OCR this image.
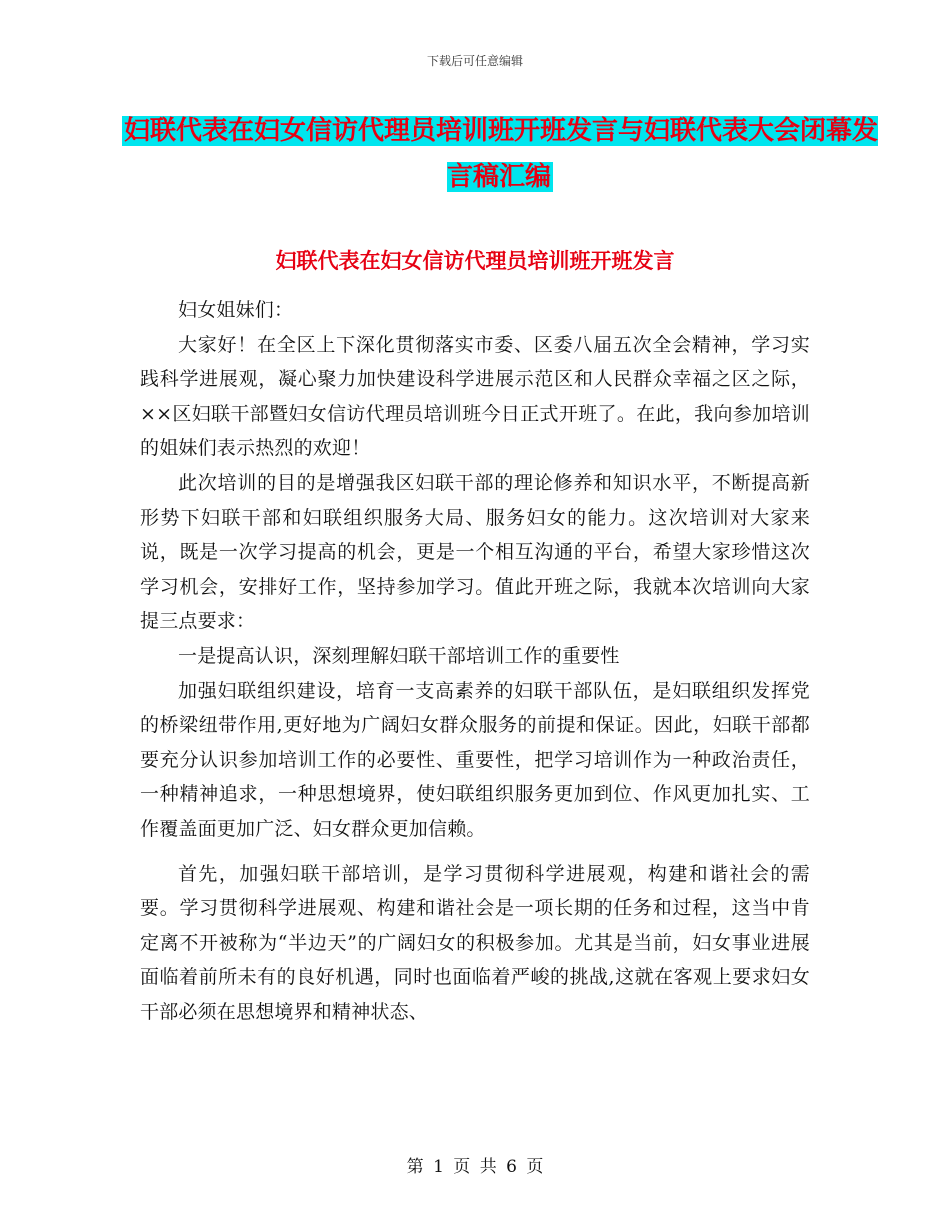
下载后可任意编辑
妇联代表在妇女信访代理员培训班开班发言与妇联代表大会闭幕发言稿汇编
妇联代表在妇女信访代理员培训班开班发言

妇女姐妹们：

大家好！在全区上下深化贯彻落实市委、区委八届五次全会精神，学习实践科学进展观，凝心聚力加快建设科学进展示范区和人民群众幸福之区之际，××区妇联干部暨妇女信访代理员培训班今日正式开班了。在此，我向参加培训的姐妹们表示热烈的欢迎！

此次培训的目的是增强我区妇联干部的理论修养和知识水平，不断提高新形势下妇联干部和妇联组织服务大局、服务妇女的能力。这次培训对大家来说，既是一次学习提高的机会，更是一个相互沟通的平台，希望大家珍惜这次学习机会，安排好工作，坚持参加学习。值此开班之际，我就本次培训向大家提三点要求：

一是提高认识，深刻理解妇联干部培训工作的重要性

加强妇联组织建设，培育一支高素养的妇联干部队伍，是妇联组织发挥党的桥梁纽带作用,更好地为广阔妇女群众服务的前提和保证。因此，妇联干部都要充分认识参加培训工作的必要性、重要性，把学习培训作为一种政治责任，一种精神追求，一种思想境界，使妇联组织服务更加到位、作风更加扎实、工作覆盖面更加广泛、妇女群众更加信赖。

首先，加强妇联干部培训，是学习贯彻科学进展观，构建和谐社会的需要。学习贯彻科学进展观、构建和谐社会是一项长期的任务和过程，这当中肯定离不开被称为“半边天”的广阔妇女的积极参加。尤其是当前，妇女事业进展面临着前所未有的良好机遇，同时也面临着严峻的挑战,这就在客观上要求妇女干部必须在思想境界和精神状态、

第 1 页 共 6 页
